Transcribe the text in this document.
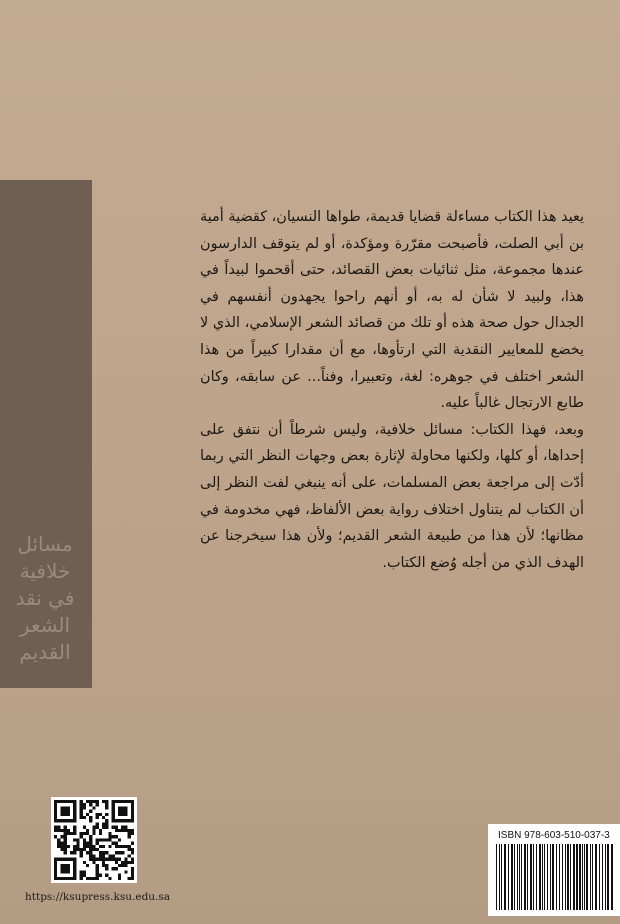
مسائل
خلافية
في نقد
الشعر
القديم

يعيد هذا الكتاب مساءلة قضايا قديمة، طواها النسيان، كقضية أمية بن أبي الصلت، فأصبحت مقرّرة ومؤكدة، أو لم يتوقف الدارسون عندها مجموعة، مثل ثنائيات بعض القصائد، حتى أقحموا لبيداً في هذا، ولبيد لا شأن له به، أو أنهم راحوا يجهدون أنفسهم في الجدال حول صحة هذه أو تلك من قصائد الشعر الإسلامي، الذي لا يخضع للمعايير النقدية التي ارتأوها، مع أن مقدارا كبيراً من هذا الشعر اختلف في جوهره: لغة، وتعبيرا، وفناً... عن سابقه، وكان طابع الارتجال غالباً عليه.

وبعد، فهذا الكتاب: مسائل خلافية، وليس شرطاً أن نتفق على إحداها، أو كلها، ولكنها محاولة لإثارة بعض وجهات النظر التي ربما أدّت إلى مراجعة بعض المسلمات، على أنه ينبغي لفت النظر إلى أن الكتاب لم يتناول اختلاف رواية بعض الألفاظ، فهي مخدومة في مظانها؛ لأن هذا من طبيعة الشعر القديم؛ ولأن هذا سيخرجنا عن الهدف الذي من أجله وُضع الكتاب.

https://ksupress.ksu.edu.sa
ISBN 978-603-510-037-3
